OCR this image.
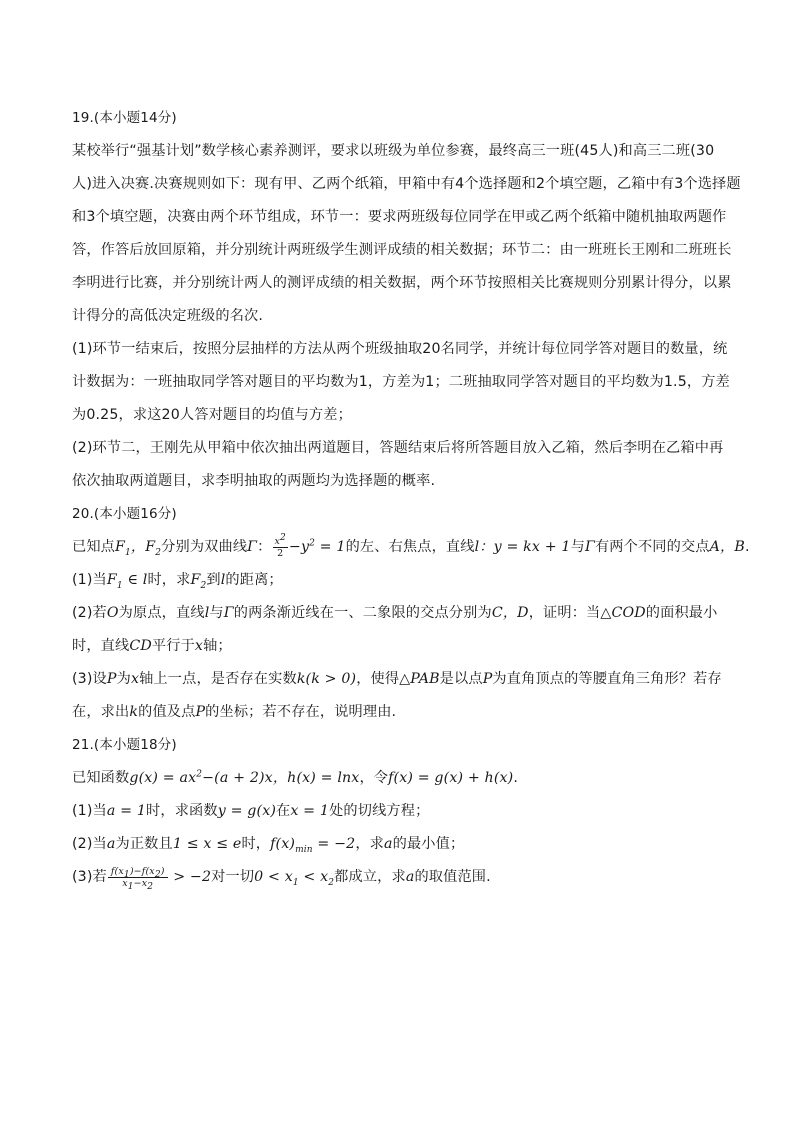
19.(本小题14分)
某校举行“强基计划”数学核心素养测评，要求以班级为单位参赛，最终高三一班(45人)和高三二班(30
人)进入决赛.决赛规则如下：现有甲、乙两个纸箱，甲箱中有4个选择题和2个填空题，乙箱中有3个选择题
和3个填空题，决赛由两个环节组成，环节一：要求两班级每位同学在甲或乙两个纸箱中随机抽取两题作
答，作答后放回原箱，并分别统计两班级学生测评成绩的相关数据；环节二：由一班班长王刚和二班班长
李明进行比赛，并分别统计两人的测评成绩的相关数据，两个环节按照相关比赛规则分别累计得分，以累
计得分的高低决定班级的名次.
(1)环节一结束后，按照分层抽样的方法从两个班级抽取20名同学，并统计每位同学答对题目的数量，统
计数据为：一班抽取同学答对题目的平均数为1，方差为1；二班抽取同学答对题目的平均数为1.5，方差
为0.25，求这20人答对题目的均值与方差；
(2)环节二，王刚先从甲箱中依次抽出两道题目，答题结束后将所答题目放入乙箱，然后李明在乙箱中再
依次抽取两道题目，求李明抽取的两题均为选择题的概率.
20.(本小题16分)
已知点$F_1$，$F_2$分别为双曲线Γ： $\frac{x^2}{2} -y^2 = 1$的左、右焦点，直线l：y = kx + 1与Γ有两个不同的交点A，B.
(1)当$F_1$ ∈ l时，求$F_2$到l的距离；
(2)若O为原点，直线l与Γ的两条渐近线在一、二象限的交点分别为C，D，证明：当△COD的面积最小
时，直线CD平行于x轴；
(3)设P为x轴上一点，是否存在实数k(k > 0)，使得△PAB是以点P为直角顶点的等腰直角三角形？若存
在，求出k的值及点P的坐标；若不存在，说明理由.
21.(本小题18分)
已知函数$g(x) = ax^2-(a + 2)x$，h(x) = lnx，令f(x) = g(x) + h(x).
(1)当a = 1时，求函数y = g(x)在x = 1处的切线方程；
(2)当a为正数且1 ≤ x ≤ e时，$f(x)_{min} = -2$，求a的最小值；
(3)若 $\frac{f(x_1)-f(x_2)}{x_1-x_2} > -2$对一切$0 < x_1 < x_2$都成立，求a的取值范围.
